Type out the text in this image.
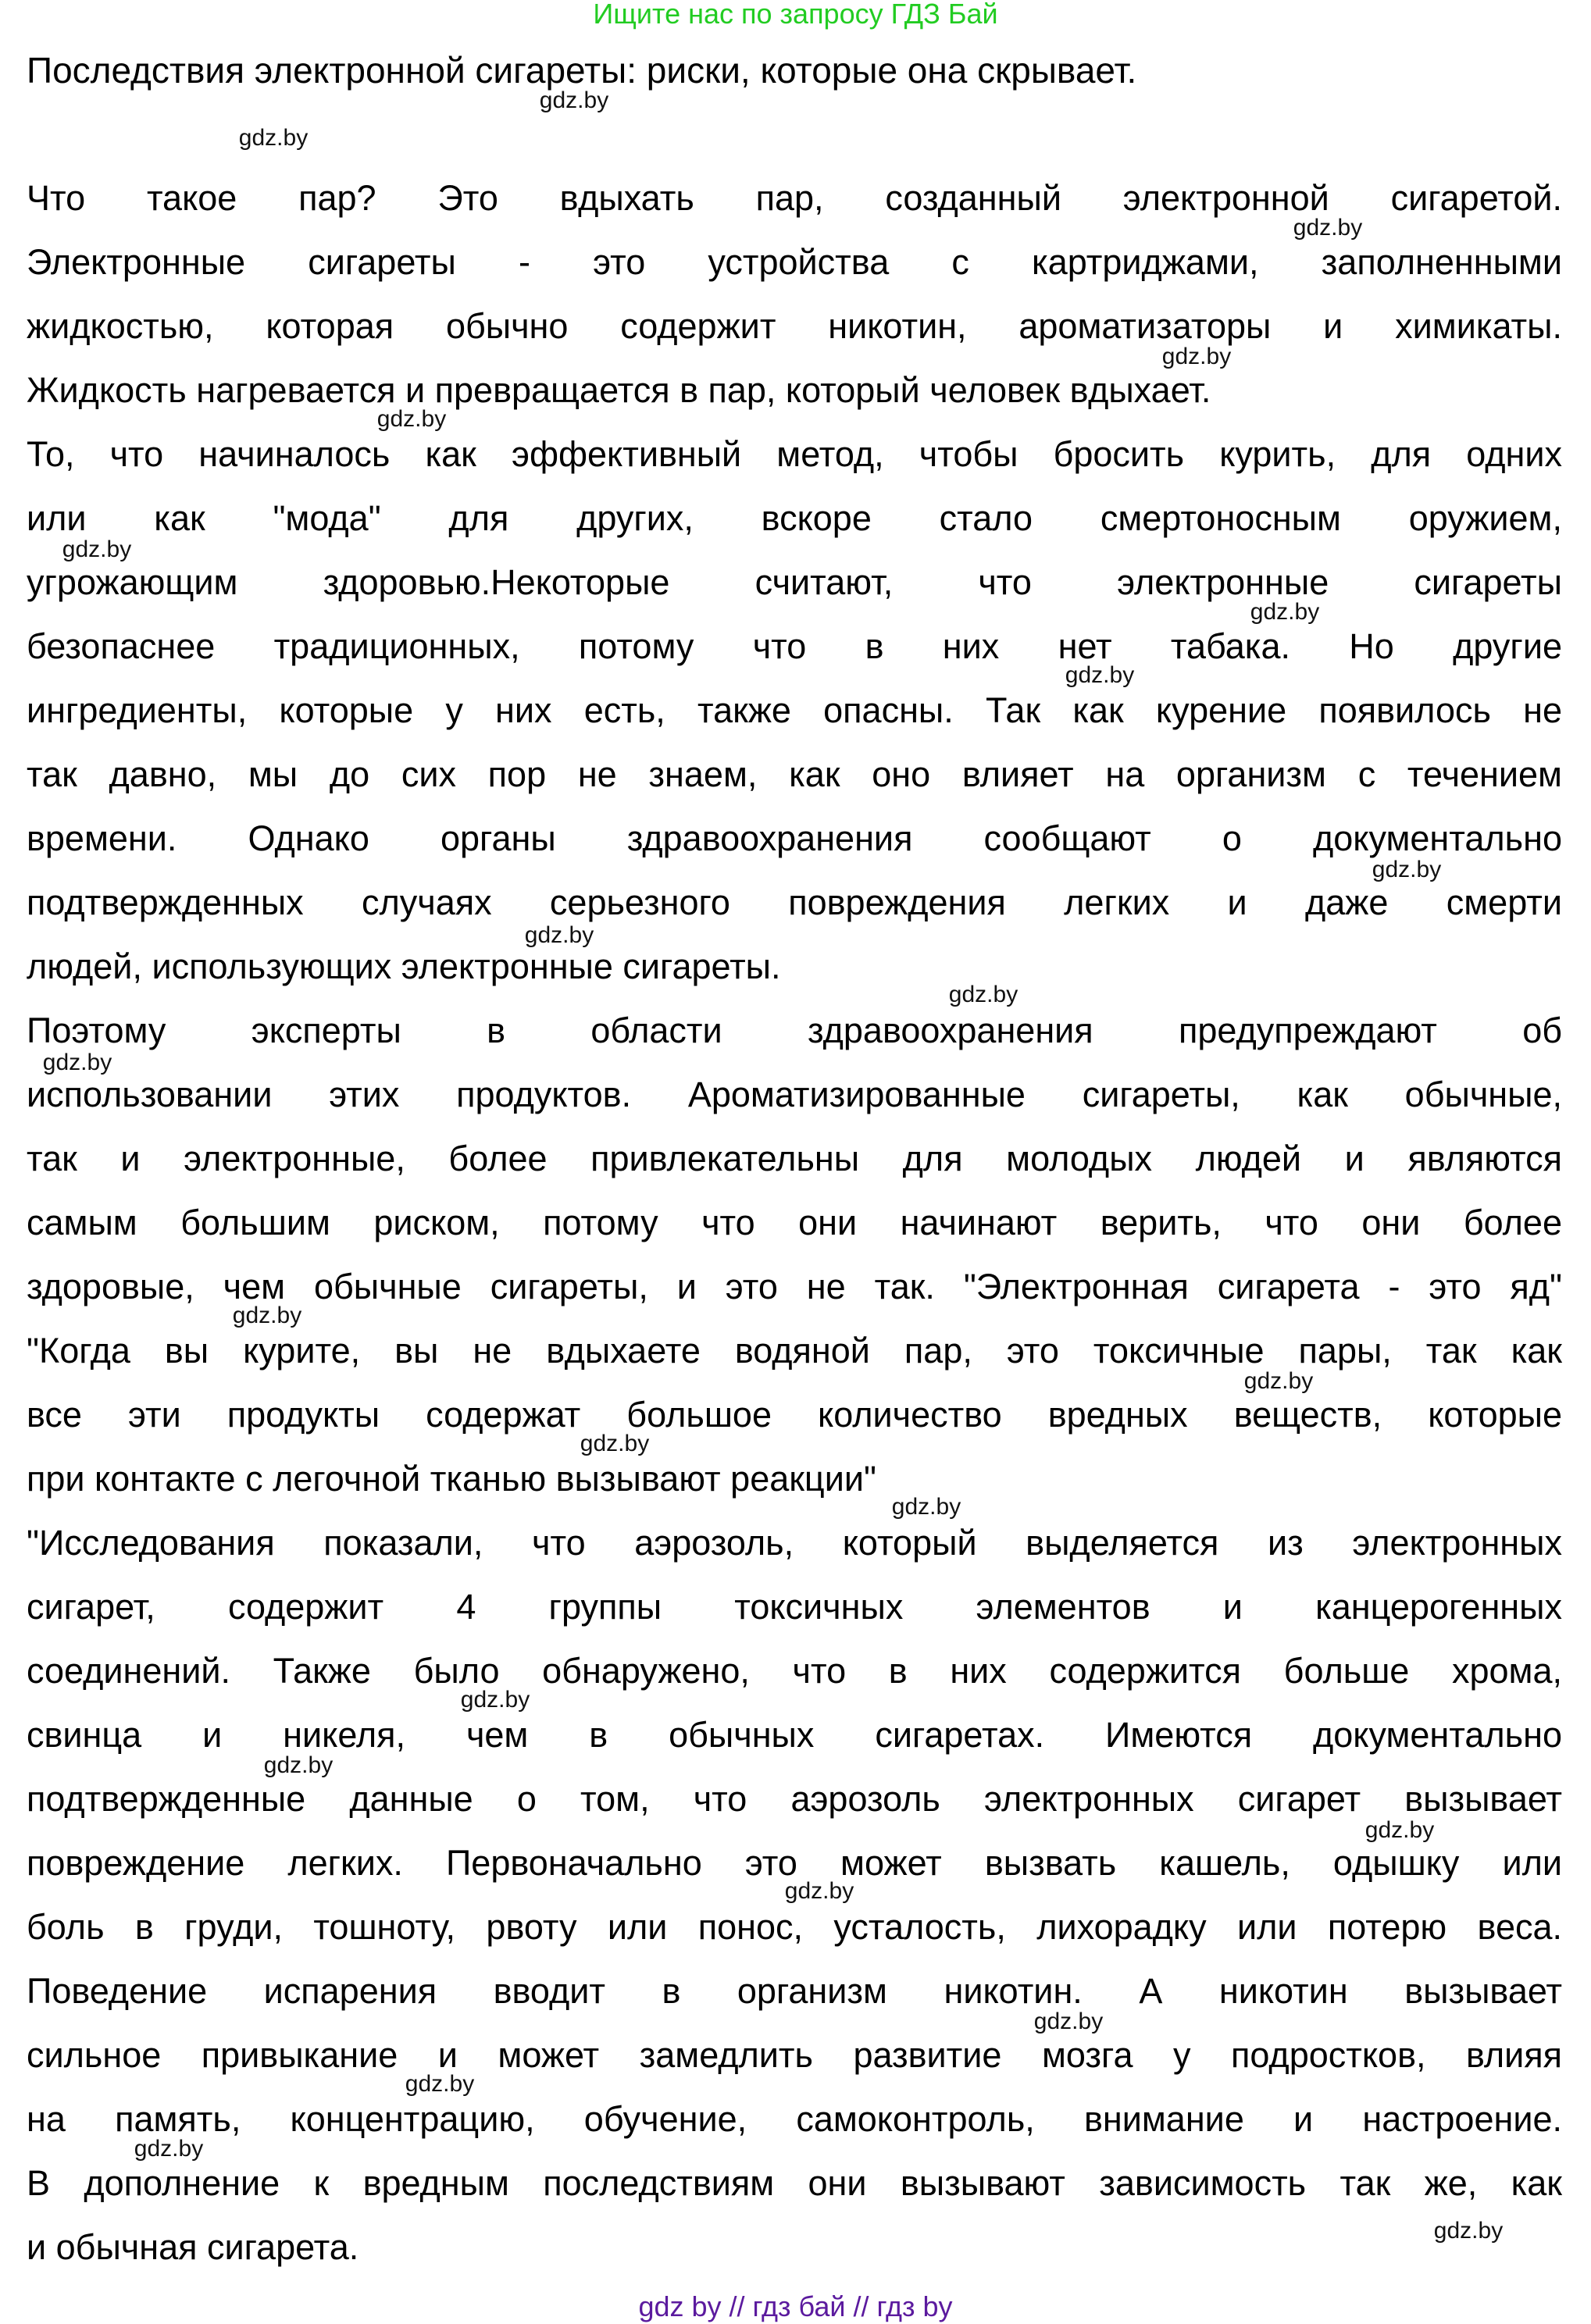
Ищите нас по запросу ГДЗ Бай
Последствия электронной сигареты: риски, которые она скрывает.
Что такое пар? Это вдыхать пар, созданный электронной сигаретой.
Электронные сигареты - это устройства с картриджами, заполненными
жидкостью, которая обычно содержит никотин, ароматизаторы и химикаты.
Жидкость нагревается и превращается в пар, который человек вдыхает.
То, что начиналось как эффективный метод, чтобы бросить курить, для одних
или как "мода" для других, вскоре стало смертоносным оружием,
угрожающим здоровью.Некоторые считают, что электронные сигареты
безопаснее традиционных, потому что в них нет табака. Но другие
ингредиенты, которые у них есть, также опасны. Так как курение появилось не
так давно, мы до сих пор не знаем, как оно влияет на организм с течением
времени. Однако органы здравоохранения сообщают о документально
подтвержденных случаях серьезного повреждения легких и даже смерти
людей, использующих электронные сигареты.
Поэтому эксперты в области здравоохранения предупреждают об
использовании этих продуктов. Ароматизированные сигареты, как обычные,
так и электронные, более привлекательны для молодых людей и являются
самым большим риском, потому что они начинают верить, что они более
здоровые, чем обычные сигареты, и это не так. "Электронная сигарета - это яд"
"Когда вы курите, вы не вдыхаете водяной пар, это токсичные пары, так как
все эти продукты содержат большое количество вредных веществ, которые
при контакте с легочной тканью вызывают реакции"
"Исследования показали, что аэрозоль, который выделяется из электронных
сигарет, содержит 4 группы токсичных элементов и канцерогенных
соединений. Также было обнаружено, что в них содержится больше хрома,
свинца и никеля, чем в обычных сигаретах. Имеются документально
подтвержденные данные о том, что аэрозоль электронных сигарет вызывает
повреждение легких. Первоначально это может вызвать кашель, одышку или
боль в груди, тошноту, рвоту или понос, усталость, лихорадку или потерю веса.
Поведение испарения вводит в организм никотин. А никотин вызывает
сильное привыкание и может замедлить развитие мозга у подростков, влияя
на память, концентрацию, обучение, самоконтроль, внимание и настроение.
В дополнение к вредным последствиям они вызывают зависимость так же, как
и обычная сигарета.
gdz.by
gdz.by
gdz.by
gdz.by
gdz.by
gdz.by
gdz.by
gdz.by
gdz.by
gdz.by
gdz.by
gdz.by
gdz.by
gdz.by
gdz.by
gdz.by
gdz.by
gdz.by
gdz.by
gdz.by
gdz.by
gdz.by
gdz.by
gdz.by
gdz by // гдз бай // гдз by
